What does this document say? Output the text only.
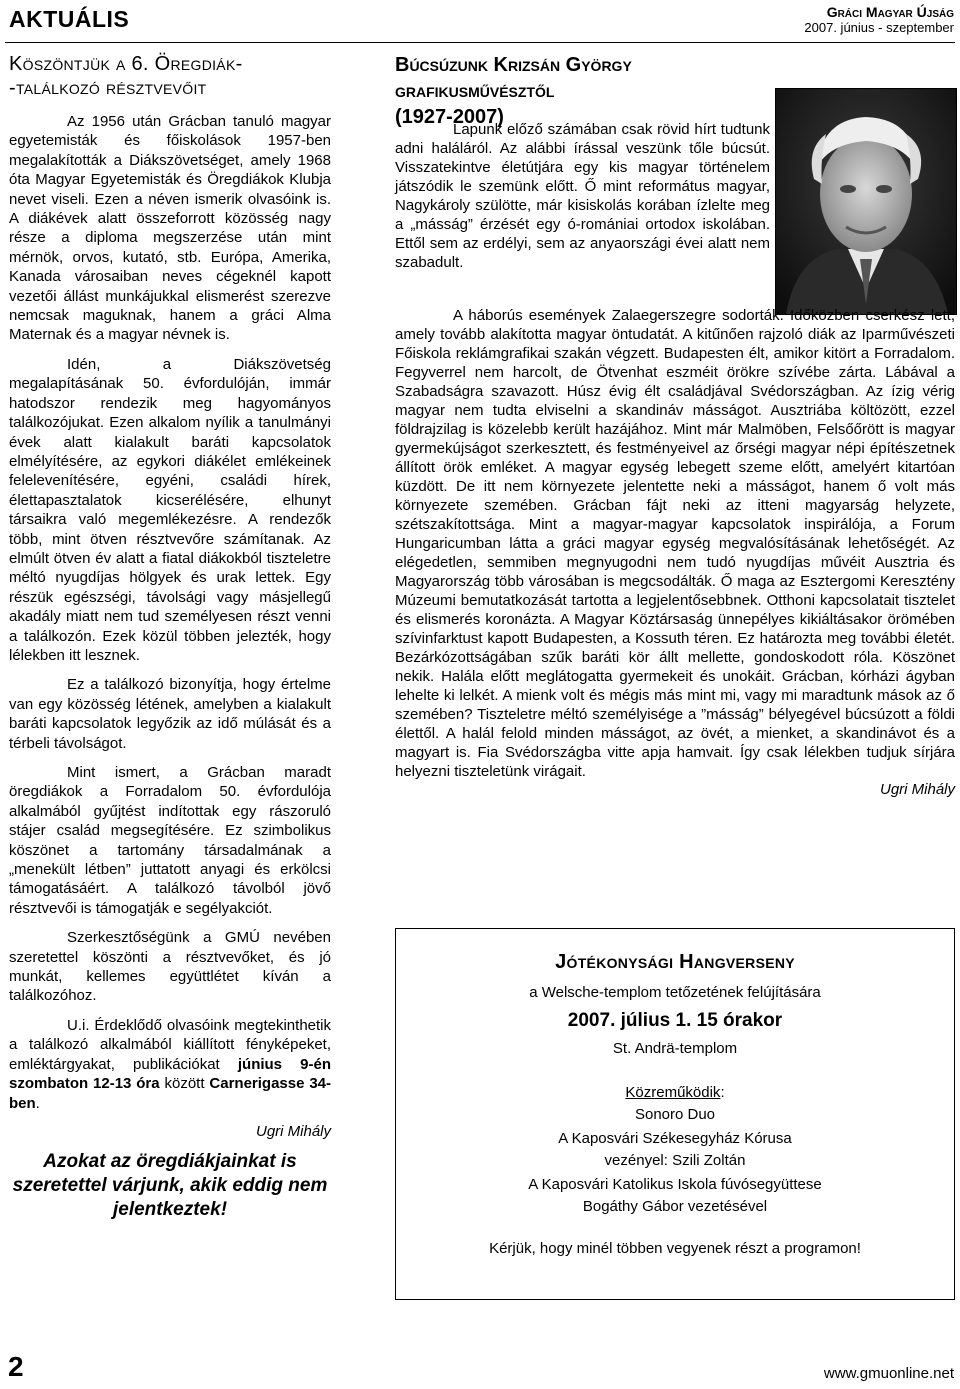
AKTUÁLIS	Gráci Magyar Újság
2007. június - szeptember
Köszöntjük a 6. Öregdiák-
-találkozó résztvevőit

Az 1956 után Grácban tanuló magyar egyetemisták és főiskolások 1957-ben megalakították a Diákszövetséget, amely 1968 óta Magyar Egyetemisták és Öregdiákok Klubja nevet viseli. Ezen a néven ismerik olvasóink is. A diákévek alatt összeforrott közösség nagy része a diploma megszerzése után mint mérnök, orvos, kutató, stb. Európa, Amerika, Kanada városaiban neves cégeknél kapott vezetői állást munkájukkal elismerést szerezve nemcsak maguknak, hanem a gráci Alma Maternak és a magyar névnek is.

Idén, a Diákszövetség megalapításának 50. évfordulóján, immár hatodszor rendezik meg hagyományos találkozójukat. Ezen alkalom nyílik a tanulmányi évek alatt kialakult baráti kapcsolatok elmélyítésére, az egykori diákélet emlékeinek felelevenítésére, egyéni, családi hírek, élettapasztalatok kicserélésére, elhunyt társaikra való megemlékezésre. A rendezők több, mint ötven résztvevőre számítanak. Az elmúlt ötven év alatt a fiatal diákokból tiszteletre méltó nyugdíjas hölgyek és urak lettek. Egy részük egészségi, távolsági vagy másjellegű akadály miatt nem tud személyesen részt venni a találkozón. Ezek közül többen jelezték, hogy lélekben itt lesznek.

Ez a találkozó bizonyítja, hogy értelme van egy közösség létének, amelyben a kialakult baráti kapcsolatok legyőzik az idő múlását és a térbeli távolságot.

Mint ismert, a Grácban maradt öregdiákok a Forradalom 50. évfordulója alkalmából gyűjtést indítottak egy rászoruló stájer család megsegítésére. Ez szimbolikus köszönet a tartomány társadalmának a „menekült létben” juttatott anyagi és erkölcsi támogatásáért. A találkozó távolból jövő résztvevői is támogatják e segélyakciót.

Szerkesztőségünk a GMÚ nevében szeretettel köszönti a résztvevőket, és jó munkát, kellemes együttlétet kíván a találkozóhoz.

U.i. Érdeklődő olvasóink megtekinthetik a találkozó alkalmából kiállított fényképeket, emléktárgyakat, publikációkat június 9-én szombaton 12-13 óra között Carnerigasse 34-ben.

Ugri Mihály

Azokat az öregdiákjainkat is szeretettel várjunk, akik eddig nem jelentkeztek!

Búcsúzunk Krizsán György grafikusművésztől
(1927-2007)

Lapunk előző számában csak rövid hírt tudtunk adni haláláról. Az alábbi írással veszünk tőle búcsút. Visszatekintve életútjára egy kis magyar történelem játszódik le szemünk előtt. Ő mint református magyar, Nagykároly szülötte, már kisiskolás korában ízlelte meg a „másság” érzését egy ó-romániai ortodox iskolában. Ettől sem az erdélyi, sem az anyaországi évei alatt nem szabadult.

A háborús események Zalaegerszegre sodorták. Időközben cserkész lett, amely tovább alakította magyar öntudatát. A kitűnően rajzoló diák az Iparművészeti Főiskola reklámgrafikai szakán végzett. Budapesten élt, amikor kitört a Forradalom. Fegyverrel nem harcolt, de Ötvenhat eszméit örökre szívébe zárta. Lábával a Szabadságra szavazott. Húsz évig élt családjával Svédországban. Az ízig vérig magyar nem tudta elviselni a skandináv másságot. Ausztriába költözött, ezzel földrajzilag is közelebb került hazájához. Mint már Malmöben, Felsőőrött is magyar gyermekújságot szerkesztett, és festményeivel az őrségi magyar népi építészetnek állított örök emléket. A magyar egység lebegett szeme előtt, amelyért kitartóan küzdött. De itt nem környezete jelentette neki a másságot, hanem ő volt más környezete szemében. Grácban fájt neki az itteni magyarság helyzete, szétszakítottsága. Mint a magyar-magyar kapcsolatok inspirálója, a Forum Hungaricumban látta a gráci magyar egység megvalósításának lehetőségét. Az elégedetlen, semmiben megnyugodni nem tudó nyugdíjas művéit Ausztria és Magyarország több városában is megcsodálták. Ő maga az Esztergomi Keresztény Múzeumi bemutatkozását tartotta a legjelentősebbnek. Otthoni kapcsolatait tisztelet és elismerés koronázta. A Magyar Köztársaság ünnepélyes kikiáltásakor örömében szívinfarktust kapott Budapesten, a Kossuth téren. Ez határozta meg további életét. Bezárkózottságában szűk baráti kör állt mellette, gondoskodott róla. Köszönet nekik. Halála előtt meglátogatta gyermekeit és unokáit. Grácban, kórházi ágyban lehelte ki lelkét. A mienk volt és mégis más mint mi, vagy mi maradtunk mások az ő szemében? Tiszteletre méltó személyisége a ”másság” bélyegével búcsúzott a földi élettől. A halál felold minden másságot, az övét, a mienket, a skandinávot és a magyart is. Fia Svédországba vitte apja hamvait. Így csak lélekben tudjuk sírjára helyezni tiszteletünk virágait.

Ugri Mihály

Jótékonysági Hangverseny
a Welsche-templom tetőzetének felújítására
2007. július 1. 15 órakor
St. Andrä-templom
Közreműködik:
Sonoro Duo
A Kaposvári Székesegyház Kórusa
vezényel: Szili Zoltán
A Kaposvári Katolikus Iskola fúvósegyüttese
Bogáthy Gábor vezetésével
Kérjük, hogy minél többen vegyenek részt a programon!
2	www.gmuonline.net
